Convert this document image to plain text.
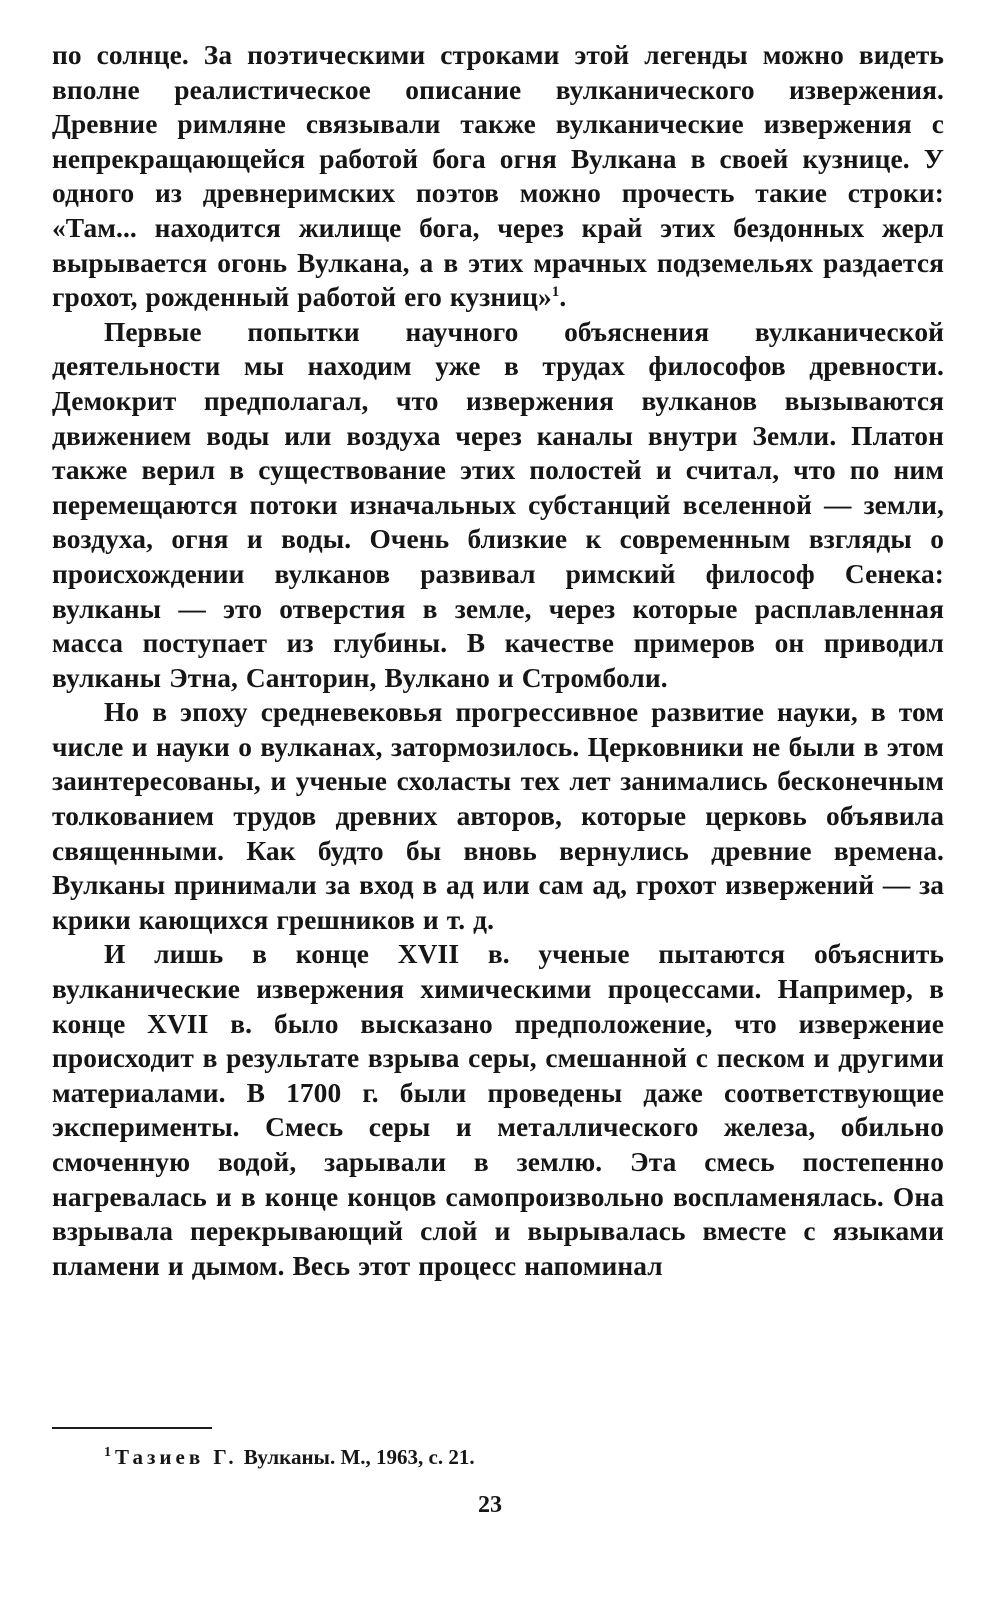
по солнце. За поэтическими строками этой легенды можно видеть вполне реалистическое описание вулканического извержения. Древние римляне связывали также вулканические извержения с непрекращающейся работой бога огня Вулкана в своей кузнице. У одного из древнеримских поэтов можно прочесть такие строки: «Там... находится жилище бога, через край этих бездонных жерл вырывается огонь Вулкана, а в этих мрачных подземельях раздается грохот, рожденный работой его кузниц»$^1$.

Первые попытки научного объяснения вулканической деятельности мы находим уже в трудах философов древности. Демокрит предполагал, что извержения вулканов вызываются движением воды или воздуха через каналы внутри Земли. Платон также верил в существование этих полостей и считал, что по ним перемещаются потоки изначальных субстанций вселенной — земли, воздуха, огня и воды. Очень близкие к современным взгляды о происхождении вулканов развивал римский философ Сенека: вулканы — это отверстия в земле, через которые расплавленная масса поступает из глубины. В качестве примеров он приводил вулканы Этна, Санторин, Вулкано и Стромболи.

Но в эпоху средневековья прогрессивное развитие науки, в том числе и науки о вулканах, затормозилось. Церковники не были в этом заинтересованы, и ученые схоласты тех лет занимались бесконечным толкованием трудов древних авторов, которые церковь объявила священными. Как будто бы вновь вернулись древние времена. Вулканы принимали за вход в ад или сам ад, грохот извержений — за крики кающихся грешников и т. д.

И лишь в конце XVII в. ученые пытаются объяснить вулканические извержения химическими процессами. Например, в конце XVII в. было высказано предположение, что извержение происходит в результате взрыва серы, смешанной с песком и другими материалами. В 1700 г. были проведены даже соответствующие эксперименты. Смесь серы и металлического железа, обильно смоченную водой, зарывали в землю. Эта смесь постепенно нагревалась и в конце концов самопроизвольно воспламенялась. Она взрывала перекрывающий слой и вырывалась вместе с языками пламени и дымом. Весь этот процесс напоминал

$^1$ Тазиев Г. Вулканы. М., 1963, с. 21.
23
